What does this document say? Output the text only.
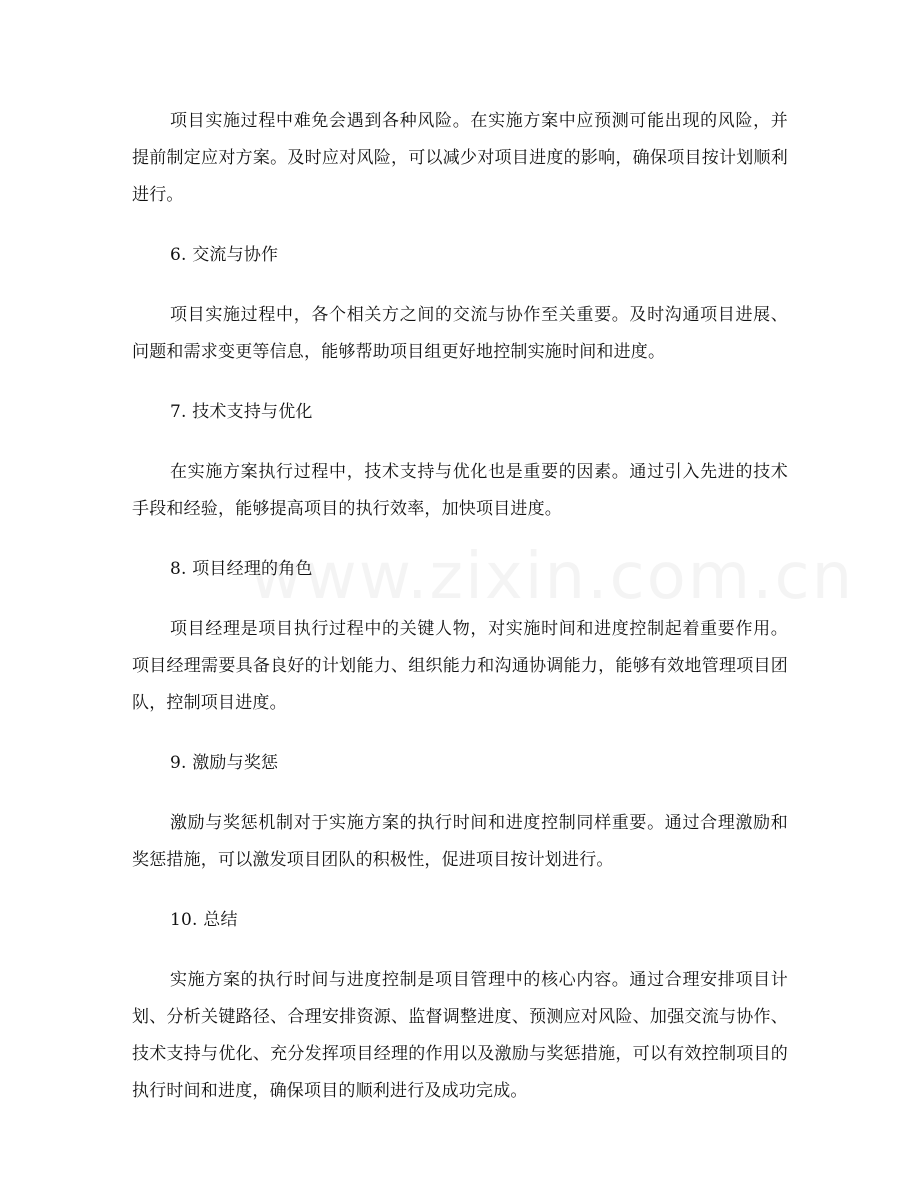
项目实施过程中难免会遇到各种风险。在实施方案中应预测可能出现的风险，并提前制定应对方案。及时应对风险，可以减少对项目进度的影响，确保项目按计划顺利进行。

6. 交流与协作

项目实施过程中，各个相关方之间的交流与协作至关重要。及时沟通项目进展、问题和需求变更等信息，能够帮助项目组更好地控制实施时间和进度。

7. 技术支持与优化

在实施方案执行过程中，技术支持与优化也是重要的因素。通过引入先进的技术手段和经验，能够提高项目的执行效率，加快项目进度。

8. 项目经理的角色

项目经理是项目执行过程中的关键人物，对实施时间和进度控制起着重要作用。项目经理需要具备良好的计划能力、组织能力和沟通协调能力，能够有效地管理项目团队，控制项目进度。

9. 激励与奖惩

激励与奖惩机制对于实施方案的执行时间和进度控制同样重要。通过合理激励和奖惩措施，可以激发项目团队的积极性，促进项目按计划进行。

10. 总结

实施方案的执行时间与进度控制是项目管理中的核心内容。通过合理安排项目计划、分析关键路径、合理安排资源、监督调整进度、预测应对风险、加强交流与协作、技术支持与优化、充分发挥项目经理的作用以及激励与奖惩措施，可以有效控制项目的执行时间和进度，确保项目的顺利进行及成功完成。
